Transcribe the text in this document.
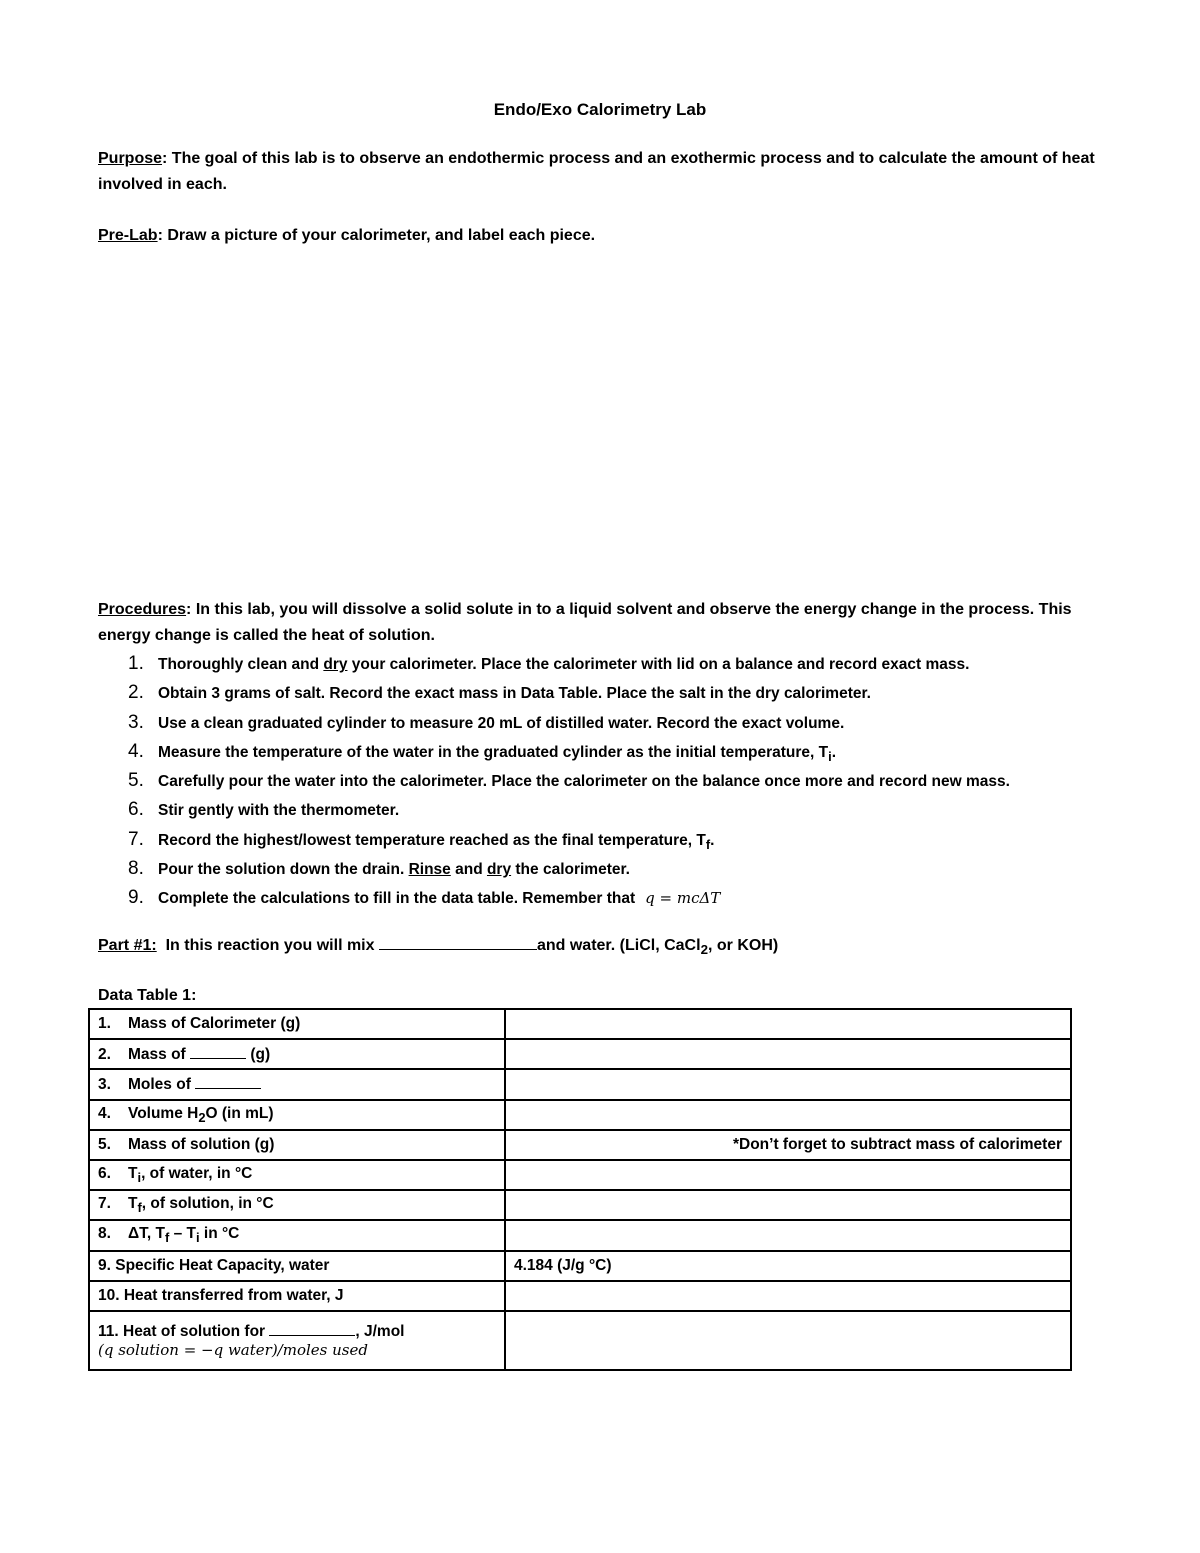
Endo/Exo Calorimetry Lab
Purpose: The goal of this lab is to observe an endothermic process and an exothermic process and to calculate the amount of heat involved in each.
Pre-Lab: Draw a picture of your calorimeter, and label each piece.
Procedures: In this lab, you will dissolve a solid solute in to a liquid solvent and observe the energy change in the process. This energy change is called the heat of solution.
1. Thoroughly clean and dry your calorimeter. Place the calorimeter with lid on a balance and record exact mass.
2. Obtain 3 grams of salt. Record the exact mass in Data Table. Place the salt in the dry calorimeter.
3. Use a clean graduated cylinder to measure 20 mL of distilled water. Record the exact volume.
4. Measure the temperature of the water in the graduated cylinder as the initial temperature, $T_i$.
5. Carefully pour the water into the calorimeter. Place the calorimeter on the balance once more and record new mass.
6. Stir gently with the thermometer.
7. Record the highest/lowest temperature reached as the final temperature, $T_f$.
8. Pour the solution down the drain. Rinse and dry the calorimeter.
9. Complete the calculations to fill in the data table. Remember that q = mcΔT
Part #1:  In this reaction you will mix	and water. (LiCl, CaCl$_2$, or KOH)
Data Table 1:
1. Mass of Calorimeter (g)	
2. Mass of (g)	
3. Moles of	
4. Volume $H_2O$ (in mL)	
5. Mass of solution (g)	*Don’t forget to subtract mass of calorimeter
6. $T_i$, of water, in °C	
7. $T_f$, of solution, in °C	
8. ΔT, $T_f - T_i$ in °C	
9. Specific Heat Capacity, water	4.184 (J/g °C)
10. Heat transferred from water, J	

11. Heat of solution for , J/mol
(q solution = −q water)/moles used	
